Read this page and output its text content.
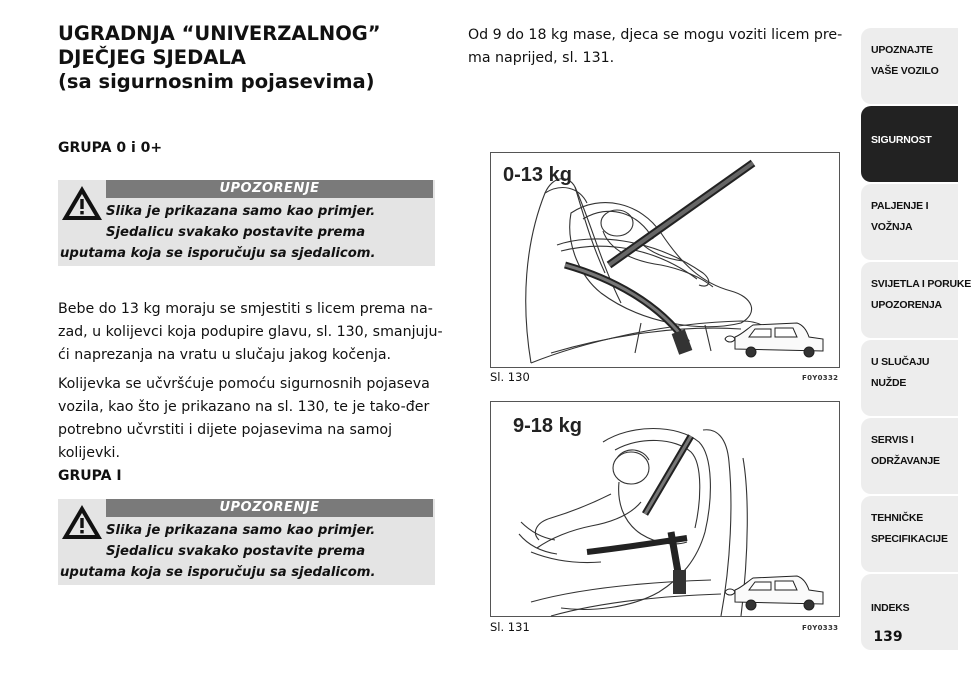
UGRADNJA “UNIVERZALNOG”
DJEČJEG SJEDALA
(sa sigurnosnim pojasevima)
GRUPA 0 i 0+
UPOZORENJE
Slika je prikazana samo kao primjer.
Sjedalicu svakako postavite prema
uputama koja se isporučuju sa sjedalicom.

Bebe do 13 kg moraju se smjestiti s licem prema na-zad, u kolijevci koja podupire glavu, sl. 130, smanjuju-ći naprezanja na vratu u slučaju jakog kočenja.

Kolijevka se učvršćuje pomoću sigurnosnih pojaseva vozila, kao što je prikazano na sl. 130, te je tako-đer potrebno učvrstiti i dijete pojasevima na samoj kolijevki.

GRUPA I
UPOZORENJE
Slika je prikazana samo kao primjer.
Sjedalicu svakako postavite prema
uputama koja se isporučuju sa sjedalicom.

Od 9 do 18 kg mase, djeca se mogu voziti licem pre-ma naprijed, sl. 131.

0-13 kg
Sl. 130	F0Y0332
9-18 kg
Sl. 131	F0Y0333
UPOZNAJTE
VAŠE VOZILO
SIGURNOST
PALJENJE I
VOŽNJA
SVIJETLA I PORUKE
UPOZORENJA
U SLUČAJU
NUŽDE
SERVIS I
ODRŽAVANJE
TEHNIČKE
SPECIFIKACIJE
INDEKS
139
